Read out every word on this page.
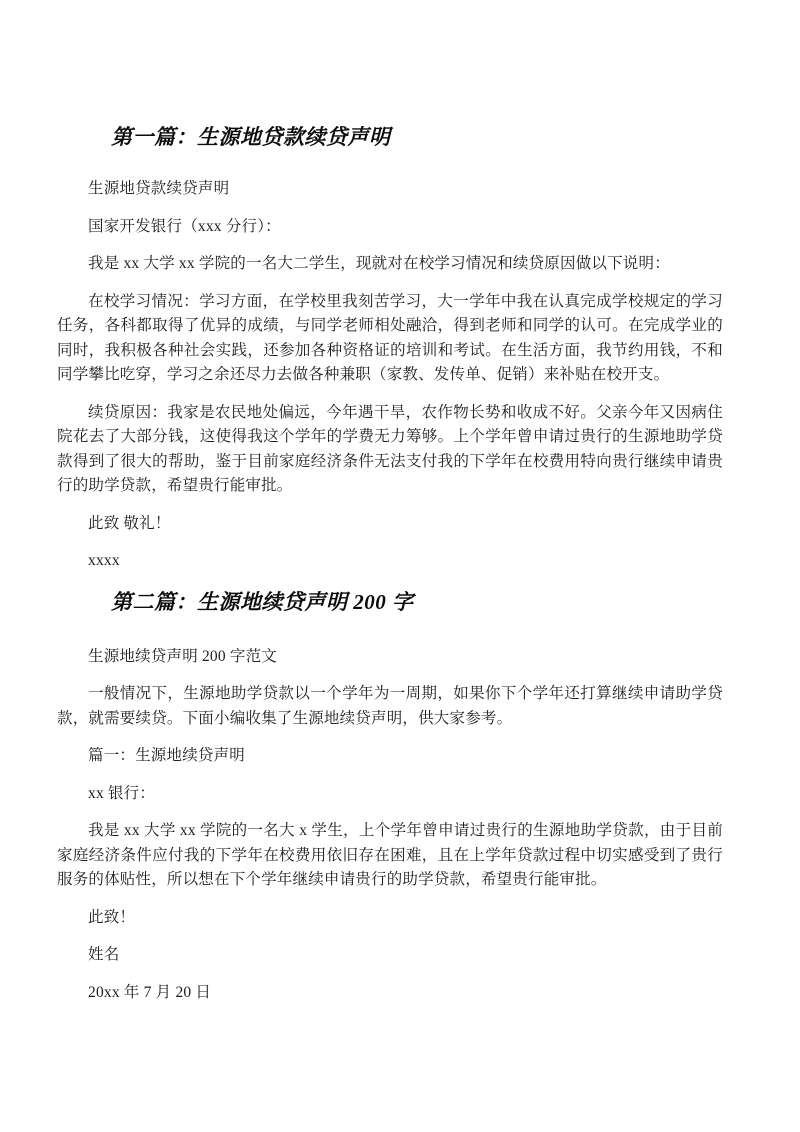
第一篇：生源地贷款续贷声明

生源地贷款续贷声明

国家开发银行（xxx 分行）：

我是 xx 大学 xx 学院的一名大二学生，现就对在校学习情况和续贷原因做以下说明：

在校学习情况：学习方面，在学校里我刻苦学习，大一学年中我在认真完成学校规定的学习任务，各科都取得了优异的成绩，与同学老师相处融洽，得到老师和同学的认可。在完成学业的同时，我积极各种社会实践，还参加各种资格证的培训和考试。在生活方面，我节约用钱，不和同学攀比吃穿，学习之余还尽力去做各种兼职（家教、发传单、促销）来补贴在校开支。

续贷原因：我家是农民地处偏远，今年遇干旱，农作物长势和收成不好。父亲今年又因病住院花去了大部分钱，这使得我这个学年的学费无力筹够。上个学年曾申请过贵行的生源地助学贷款得到了很大的帮助，鉴于目前家庭经济条件无法支付我的下学年在校费用特向贵行继续申请贵行的助学贷款，希望贵行能审批。

此致 敬礼！

xxxx

第二篇：生源地续贷声明 200 字

生源地续贷声明 200 字范文

一般情况下，生源地助学贷款以一个学年为一周期，如果你下个学年还打算继续申请助学贷款，就需要续贷。下面小编收集了生源地续贷声明，供大家参考。

篇一：生源地续贷声明

xx 银行：

我是 xx 大学 xx 学院的一名大 x 学生，上个学年曾申请过贵行的生源地助学贷款，由于目前家庭经济条件应付我的下学年在校费用依旧存在困难，且在上学年贷款过程中切实感受到了贵行服务的体贴性，所以想在下个学年继续申请贵行的助学贷款，希望贵行能审批。

此致！

姓名

20xx 年 7 月 20 日
